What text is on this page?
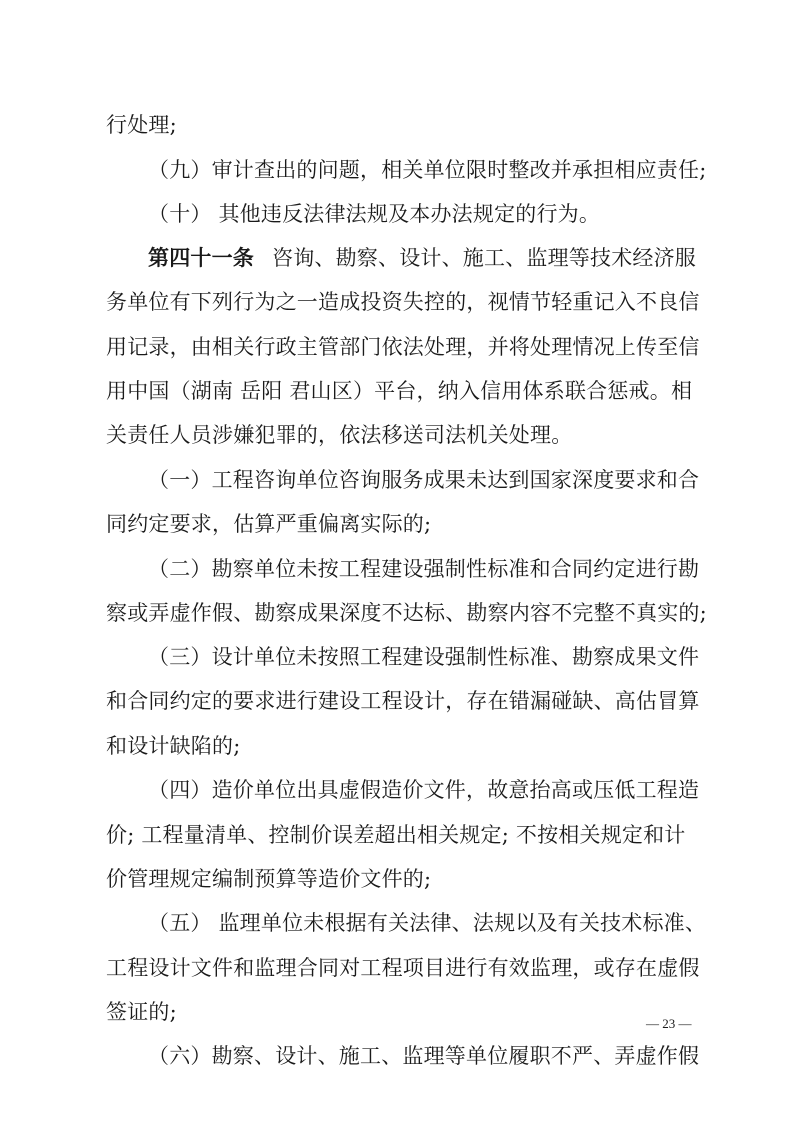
行处理;
（九）审计查出的问题，相关单位限时整改并承担相应责任;
（十） 其他违反法律法规及本办法规定的行为。
第四十一条 咨询、勘察、设计、施工、监理等技术经济服
务单位有下列行为之一造成投资失控的，视情节轻重记入不良信
用记录，由相关行政主管部门依法处理，并将处理情况上传至信
用中国（湖南 岳阳 君山区）平台，纳入信用体系联合惩戒。相
关责任人员涉嫌犯罪的，依法移送司法机关处理。
（一）工程咨询单位咨询服务成果未达到国家深度要求和合
同约定要求，估算严重偏离实际的;
（二）勘察单位未按工程建设强制性标准和合同约定进行勘
察或弄虚作假、勘察成果深度不达标、勘察内容不完整不真实的;
（三）设计单位未按照工程建设强制性标准、勘察成果文件
和合同约定的要求进行建设工程设计，存在错漏碰缺、高估冒算
和设计缺陷的;
（四）造价单位出具虚假造价文件，故意抬高或压低工程造
价; 工程量清单、控制价误差超出相关规定; 不按相关规定和计
价管理规定编制预算等造价文件的;
（五） 监理单位未根据有关法律、法规以及有关技术标准、
工程设计文件和监理合同对工程项目进行有效监理，或存在虚假
签证的;
（六）勘察、设计、施工、监理等单位履职不严、弄虚作假
— 23 —
